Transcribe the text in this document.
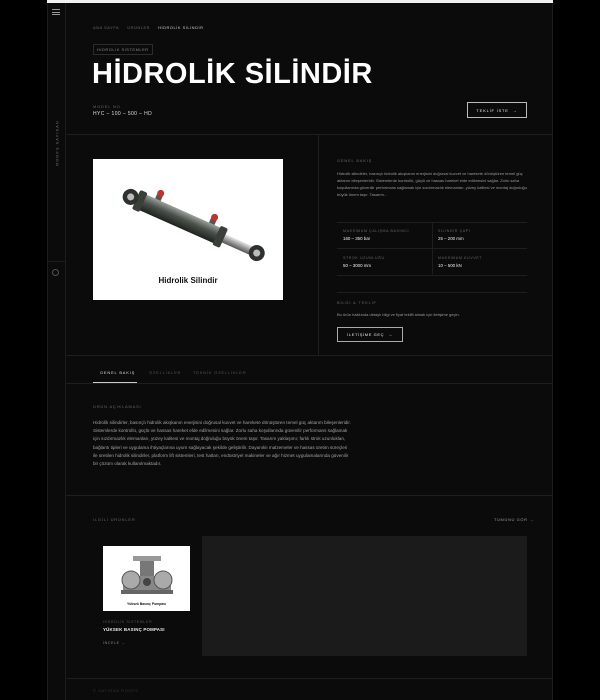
ROOFS SAYISAN
ANA SAYFA ÜRÜNLER HİDROLİK SİLİNDİR
HİDROLİK SİSTEMLER
HİDROLİK SİLİNDİR
MODEL NO
HYC – 100 – 500 – HD
TEKLİF İSTE →
Hidrolik Silindir
GENEL BAKIŞ
Hidrolik silindirler, basınçlı hidrolik akışkanın enerjisini doğrusal kuvvet ve harekete dönüştüren temel güç aktarım bileşenleridir. Sistemlerde kontrollü, güçlü ve hassas hareket elde edilmesini sağlar. Zorlu saha koşullarında güvenilir performans sağlamak için sızdırmazlık elemanları, yüzey kalitesi ve montaj doğruluğu büyük önem taşır. Tasarım...
MAKSİMUM ÇALIŞMA BASINCI
160 – 350 bar
SİLİNDİR ÇAPI
25 – 200 mm
STROK UZUNLUĞU
50 – 3000 mm
MAKSİMUM KUVVET
10 – 500 kN
BİLGİ & TEKLİF
Bu ürün hakkında detaylı bilgi ve fiyat teklifi almak için iletişime geçin.
İLETİŞİME GEÇ →
GENEL BAKIŞ	ÖZELLİKLER	TEKNİK ÖZELLİKLER
ÜRÜN AÇIKLAMASI
Hidrolik silindirler, basınçlı hidrolik akışkanın enerjisini doğrusal kuvvet ve harekete dönüştüren temel güç aktarım bileşenleridir. Sistemlerde kontrollü, güçlü ve hassas hareket elde edilmesini sağlar. Zorlu saha koşullarında güvenilir performans sağlamak için sızdırmazlık elemanları, yüzey kalitesi ve montaj doğruluğu büyük önem taşır. Tasarım yaklaşımı; farklı strok uzunlukları, bağlantı tipleri ve uygulama ihtiyaçlarına uyum sağlayacak şekilde geliştirilir. Dayanıklı malzemeler ve hassas üretim süreçleri ile üretilen hidrolik silindirler, platform lift sistemleri, test hatları, endüstriyel makineler ve ağır hizmet uygulamalarında güvenilir bir çözüm olarak kullanılmaktadır.
İLGİLİ ÜRÜNLER	TÜMÜNÜ GÖR →
Yüksek Basınç Pompası
HİDROLİK SİSTEMLER
YÜKSEK BASINÇ POMPASI
İNCELE →
© SAYISAN ROOFS
